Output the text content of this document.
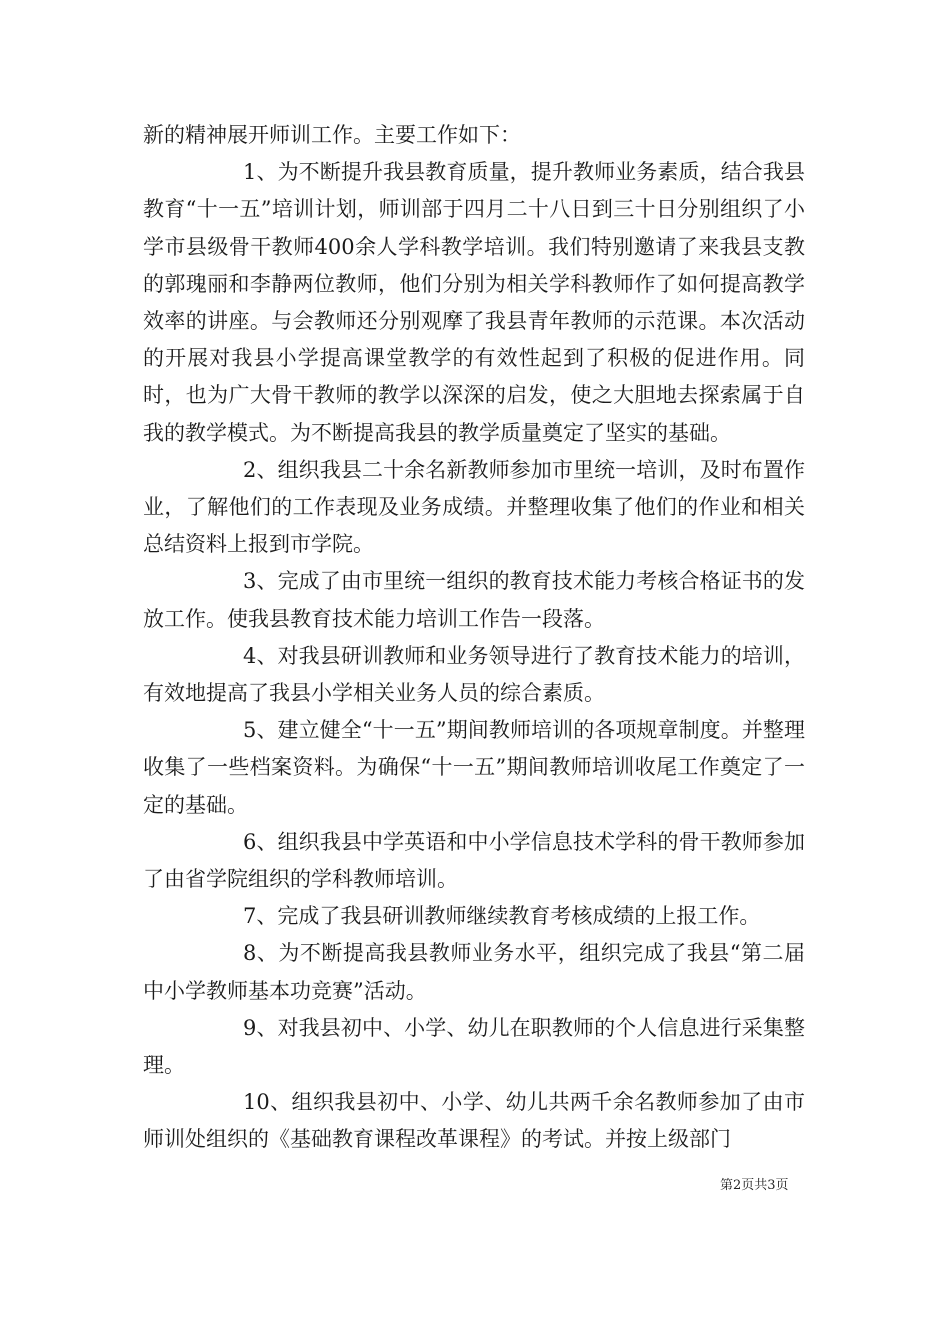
新的精神展开师训工作。主要工作如下：

1、为不断提升我县教育质量，提升教师业务素质，结合我县教育“十一五”培训计划，师训部于四月二十八日到三十日分别组织了小学市县级骨干教师400余人学科教学培训。我们特别邀请了来我县支教的郭瑰丽和李静两位教师，他们分别为相关学科教师作了如何提高教学效率的讲座。与会教师还分别观摩了我县青年教师的示范课。本次活动的开展对我县小学提高课堂教学的有效性起到了积极的促进作用。同时，也为广大骨干教师的教学以深深的启发，使之大胆地去探索属于自我的教学模式。为不断提高我县的教学质量奠定了坚实的基础。

2、组织我县二十余名新教师参加市里统一培训，及时布置作业，了解他们的工作表现及业务成绩。并整理收集了他们的作业和相关总结资料上报到市学院。

3、完成了由市里统一组织的教育技术能力考核合格证书的发放工作。使我县教育技术能力培训工作告一段落。

4、对我县研训教师和业务领导进行了教育技术能力的培训，有效地提高了我县小学相关业务人员的综合素质。

5、建立健全“十一五”期间教师培训的各项规章制度。并整理收集了一些档案资料。为确保“十一五”期间教师培训收尾工作奠定了一定的基础。

6、组织我县中学英语和中小学信息技术学科的骨干教师参加了由省学院组织的学科教师培训。

7、完成了我县研训教师继续教育考核成绩的上报工作。

8、为不断提高我县教师业务水平，组织完成了我县“第二届中小学教师基本功竞赛”活动。

9、对我县初中、小学、幼儿在职教师的个人信息进行采集整理。

10、组织我县初中、小学、幼儿共两千余名教师参加了由市师训处组织的《基础教育课程改革课程》的考试。并按上级部门

第2页共3页
